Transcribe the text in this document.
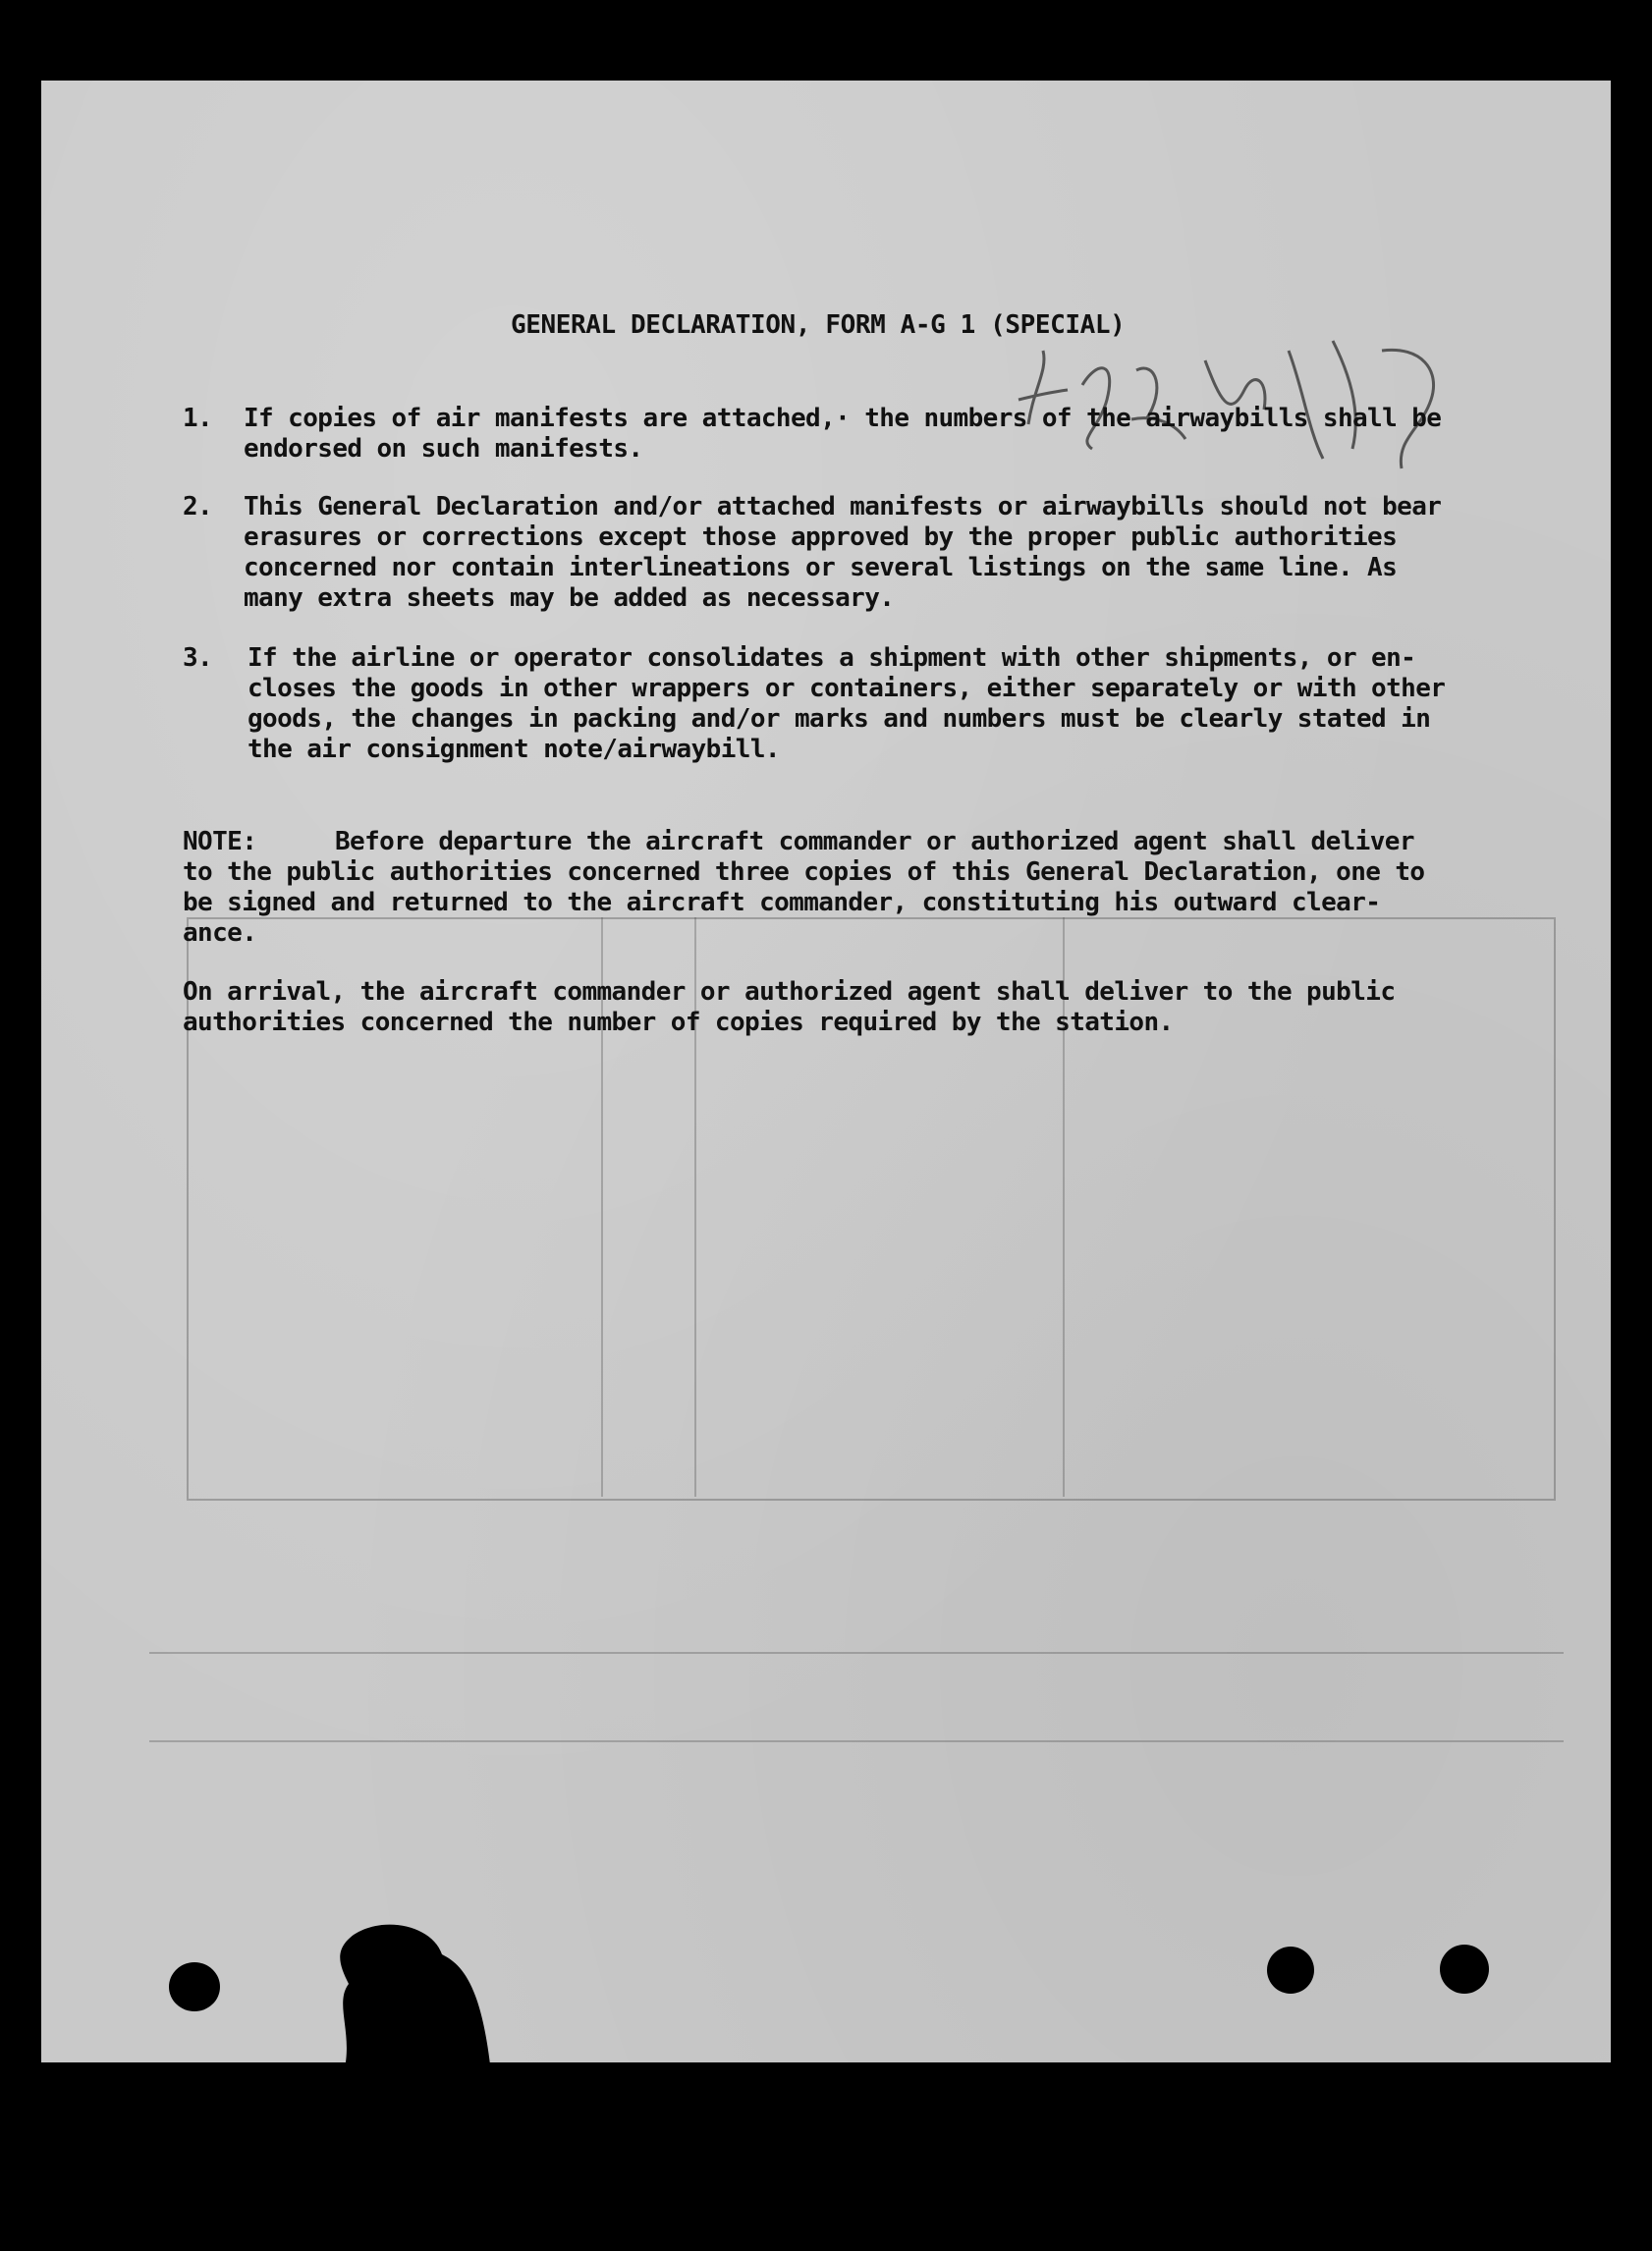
GENERAL DECLARATION, FORM A-G 1 (SPECIAL)
1. If copies of air manifests are attached,· the numbers of the airwaybills shall be
endorsed on such manifests.
2. This General Declaration and/or attached manifests or airwaybills should not bear
erasures or corrections except those approved by the proper public authorities
concerned nor contain interlineations or several listings on the same line. As
many extra sheets may be added as necessary.
3. If the airline or operator consolidates a shipment with other shipments, or en-
closes the goods in other wrappers or containers, either separately or with other
goods, the changes in packing and/or marks and numbers must be clearly stated in
the air consignment note/airwaybill.
NOTE:	Before departure the aircraft commander or authorized agent shall deliver
to the public authorities concerned three copies of this General Declaration, one to
be signed and returned to the aircraft commander, constituting his outward clear-
ance.
On arrival, the aircraft commander or authorized agent shall deliver to the public
authorities concerned the number of copies required by the station.
